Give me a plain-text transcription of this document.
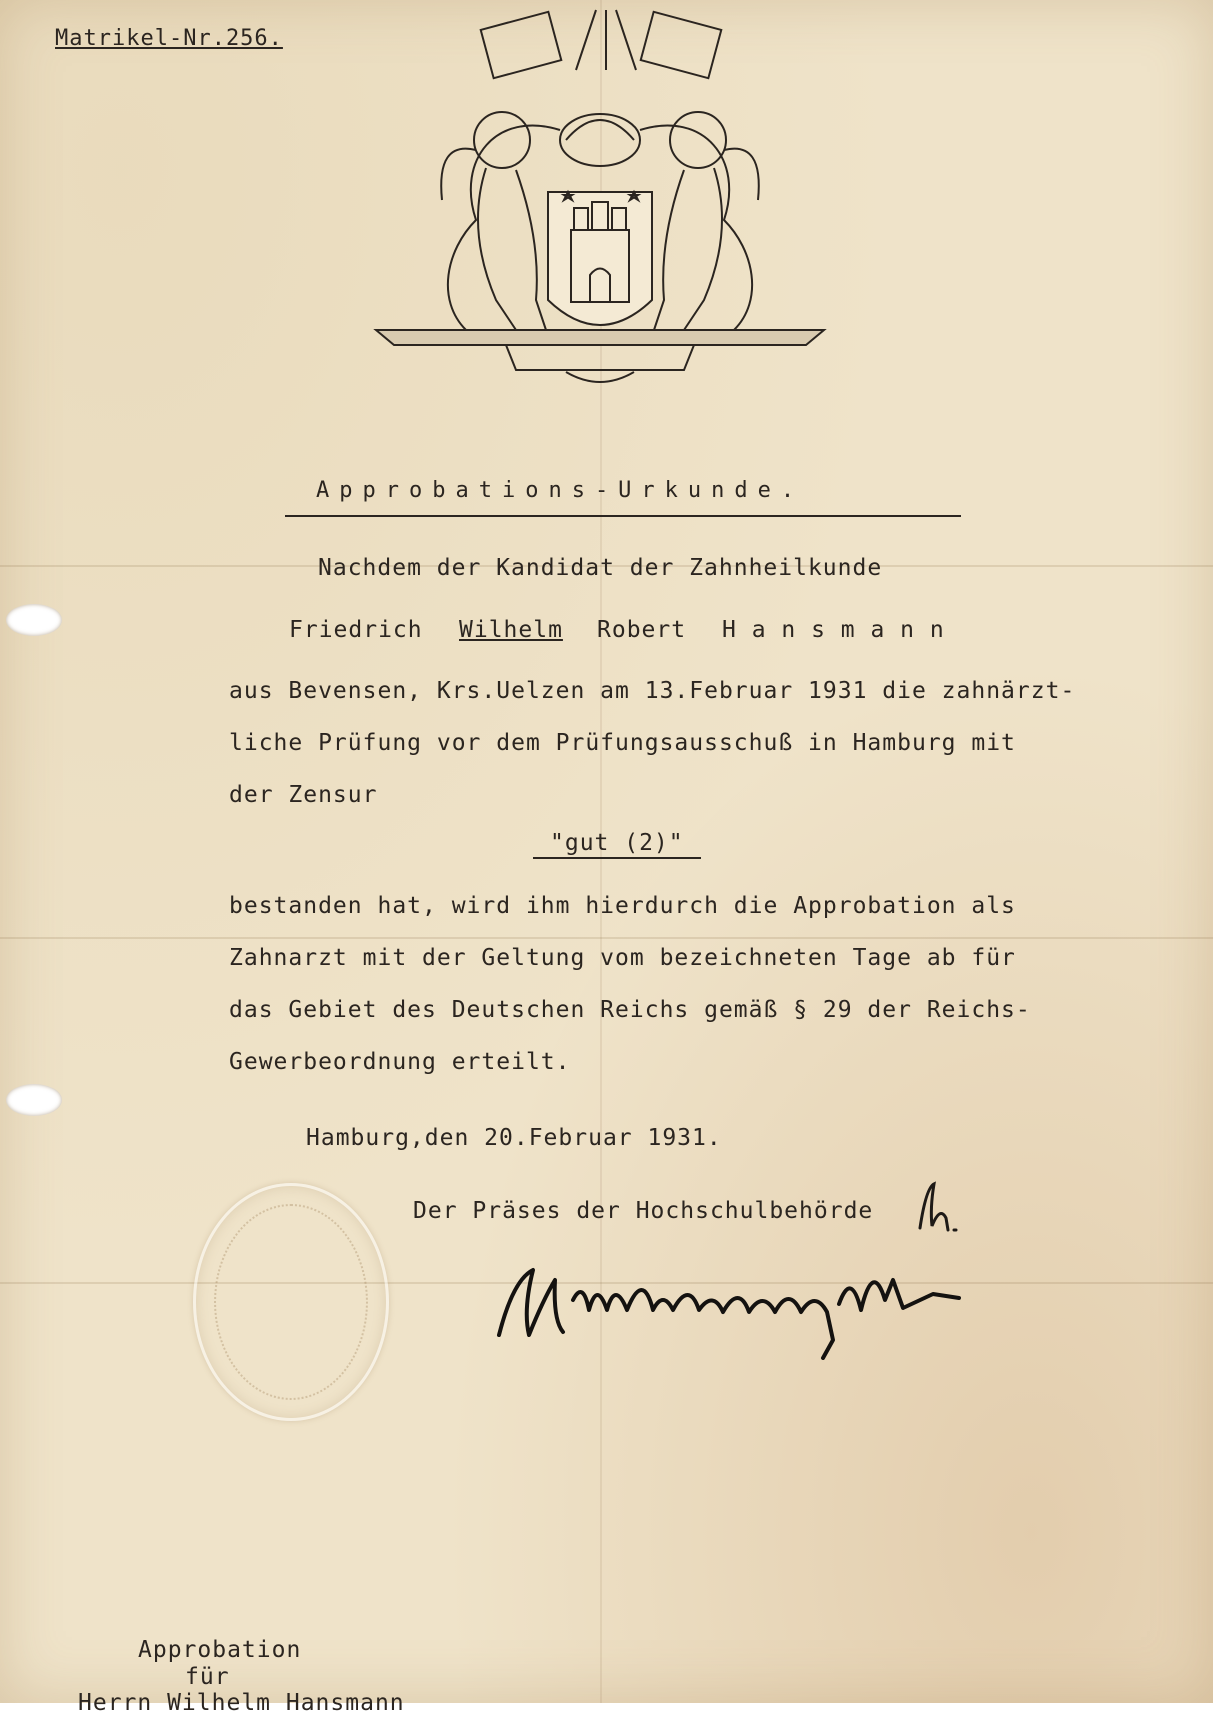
Matrikel-Nr.256.
Approbations-Urkunde.
Nachdem der Kandidat der Zahnheilkunde
Friedrich Wilhelm Robert H a n s m a n n
aus Bevensen, Krs.Uelzen am 13.Februar 1931 die zahnärzt-
liche Prüfung vor dem Prüfungsausschuß in Hamburg mit
der Zensur
"gut (2)"
bestanden hat, wird ihm hierdurch die Approbation als
Zahnarzt mit der Geltung vom bezeichneten Tage ab für
das Gebiet des Deutschen Reichs gemäß § 29 der Reichs-
Gewerbeordnung erteilt.
Hamburg,den 20.Februar 1931.
Der Präses der Hochschulbehörde
Approbation
für
Herrn Wilhelm Hansmann
